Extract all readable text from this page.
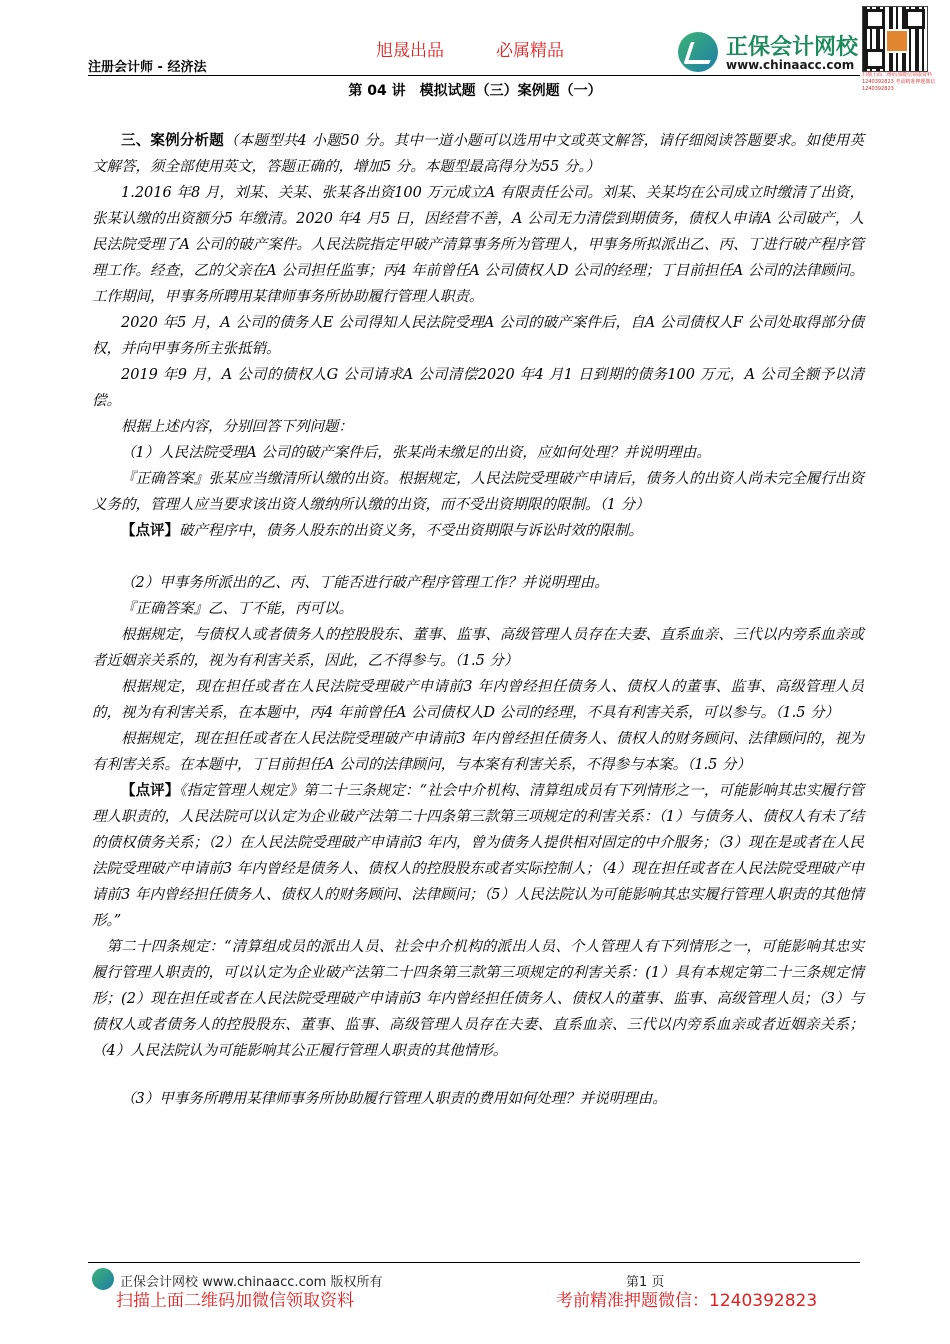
注册会计师 - 经济法
旭晟出品	必属精品	正保会计网校
www.chinaacc.com
扫描上面二维码加微信领取资料 1240392823 考前精准押题微信 1240392823
第 04 讲　模拟试题（三）案例题（一）

三、案例分析题（本题型共4 小题50 分。其中一道小题可以选用中文或英文解答，请仔细阅读答题要求。如使用英文解答，须全部使用英文，答题正确的，增加5 分。本题型最高得分为55 分。）

1.2016 年8 月，刘某、关某、张某各出资100 万元成立A 有限责任公司。刘某、关某均在公司成立时缴清了出资，张某认缴的出资额分5 年缴清。2020 年4 月5 日，因经营不善，A 公司无力清偿到期债务，债权人申请A 公司破产，人民法院受理了A 公司的破产案件。人民法院指定甲破产清算事务所为管理人，甲事务所拟派出乙、丙、丁进行破产程序管理工作。经查，乙的父亲在A 公司担任监事；丙4 年前曾任A 公司债权人D 公司的经理；丁目前担任A 公司的法律顾问。工作期间，甲事务所聘用某律师事务所协助履行管理人职责。

2020 年5 月，A 公司的债务人E 公司得知人民法院受理A 公司的破产案件后，自A 公司债权人F 公司处取得部分债权，并向甲事务所主张抵销。

2019 年9 月，A 公司的债权人G 公司请求A 公司清偿2020 年4 月1 日到期的债务100 万元，A 公司全额予以清偿。

根据上述内容，分别回答下列问题：

（1）人民法院受理A 公司的破产案件后，张某尚未缴足的出资，应如何处理？并说明理由。

『正确答案』张某应当缴清所认缴的出资。根据规定，人民法院受理破产申请后，债务人的出资人尚未完全履行出资义务的，管理人应当要求该出资人缴纳所认缴的出资，而不受出资期限的限制。（1 分）

【点评】破产程序中，债务人股东的出资义务，不受出资期限与诉讼时效的限制。

（2）甲事务所派出的乙、丙、丁能否进行破产程序管理工作？并说明理由。

『正确答案』乙、丁不能，丙可以。

根据规定，与债权人或者债务人的控股股东、董事、监事、高级管理人员存在夫妻、直系血亲、三代以内旁系血亲或者近姻亲关系的，视为有利害关系，因此，乙不得参与。（1.5 分）

根据规定，现在担任或者在人民法院受理破产申请前3 年内曾经担任债务人、债权人的董事、监事、高级管理人员的，视为有利害关系，在本题中，丙4 年前曾任A 公司债权人D 公司的经理，不具有利害关系，可以参与。（1.5 分）

根据规定，现在担任或者在人民法院受理破产申请前3 年内曾经担任债务人、债权人的财务顾问、法律顾问的，视为有利害关系。在本题中，丁目前担任A 公司的法律顾问，与本案有利害关系，不得参与本案。（1.5 分）

【点评】《指定管理人规定》第二十三条规定：“社会中介机构、清算组成员有下列情形之一，可能影响其忠实履行管理人职责的，人民法院可以认定为企业破产法第二十四条第三款第三项规定的利害关系：（1）与债务人、债权人有未了结的债权债务关系；（2）在人民法院受理破产申请前3 年内，曾为债务人提供相对固定的中介服务；（3）现在是或者在人民法院受理破产申请前3 年内曾经是债务人、债权人的控股股东或者实际控制人；（4）现在担任或者在人民法院受理破产申请前3 年内曾经担任债务人、债权人的财务顾问、法律顾问；（5）人民法院认为可能影响其忠实履行管理人职责的其他情形。”

第二十四条规定：“清算组成员的派出人员、社会中介机构的派出人员、个人管理人有下列情形之一，可能影响其忠实履行管理人职责的，可以认定为企业破产法第二十四条第三款第三项规定的利害关系：(1）具有本规定第二十三条规定情形；(2）现在担任或者在人民法院受理破产申请前3 年内曾经担任债务人、债权人的董事、监事、高级管理人员；（3）与债权人或者债务人的控股股东、董事、监事、高级管理人员存在夫妻、直系血亲、三代以内旁系血亲或者近姻亲关系；（4）人民法院认为可能影响其公正履行管理人职责的其他情形。

（3）甲事务所聘用某律师事务所协助履行管理人职责的费用如何处理？并说明理由。

正保会计网校 www.chinaacc.com 版权所有	第1 页
扫描上面二维码加微信领取资料	考前精准押题微信：1240392823
